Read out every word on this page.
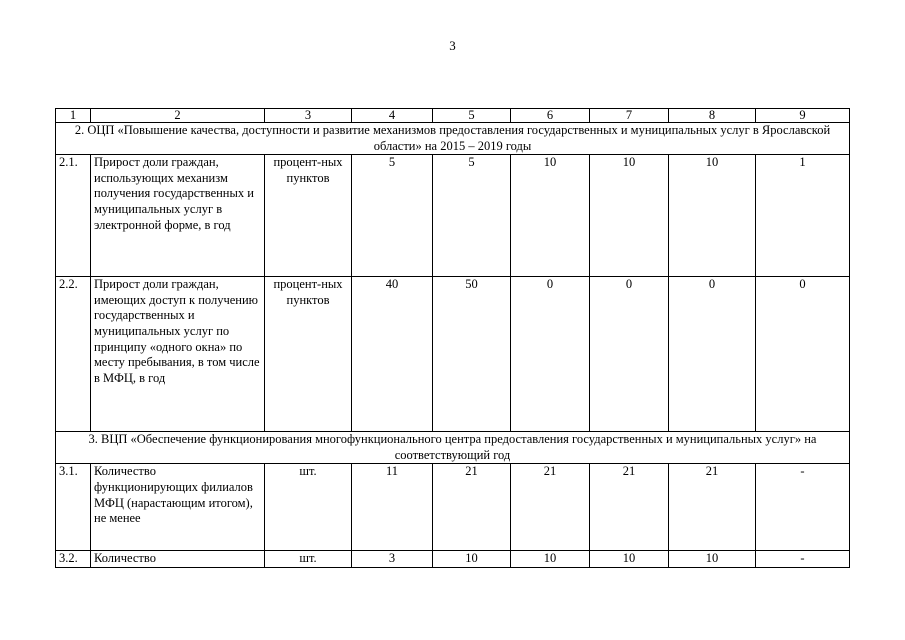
3
1	2	3	4	5	6	7	8	9
2. ОЦП «Повышение качества, доступности и развитие механизмов предоставления государственных и муниципальных услуг в Ярославской области» на 2015 – 2019 годы								
2.1.	Прирост доли граждан, использующих механизм получения государственных и муниципальных услуг в электронной форме, в год	процент-ных пунктов	5	5	10	10	10	1
2.2.	Прирост доли граждан, имеющих доступ к получению государственных и муниципальных услуг по принципу «одного окна» по месту пребывания, в том числе в МФЦ, в год	процент-ных пунктов	40	50	0	0	0	0
3. ВЦП «Обеспечение функционирования многофункционального центра предоставления государственных и муниципальных услуг» на соответствующий год								
3.1.	Количество функционирующих филиалов МФЦ (нарастающим итогом), не менее	шт.	11	21	21	21	21	-
3.2.	Количество	шт.	3	10	10	10	10	-
